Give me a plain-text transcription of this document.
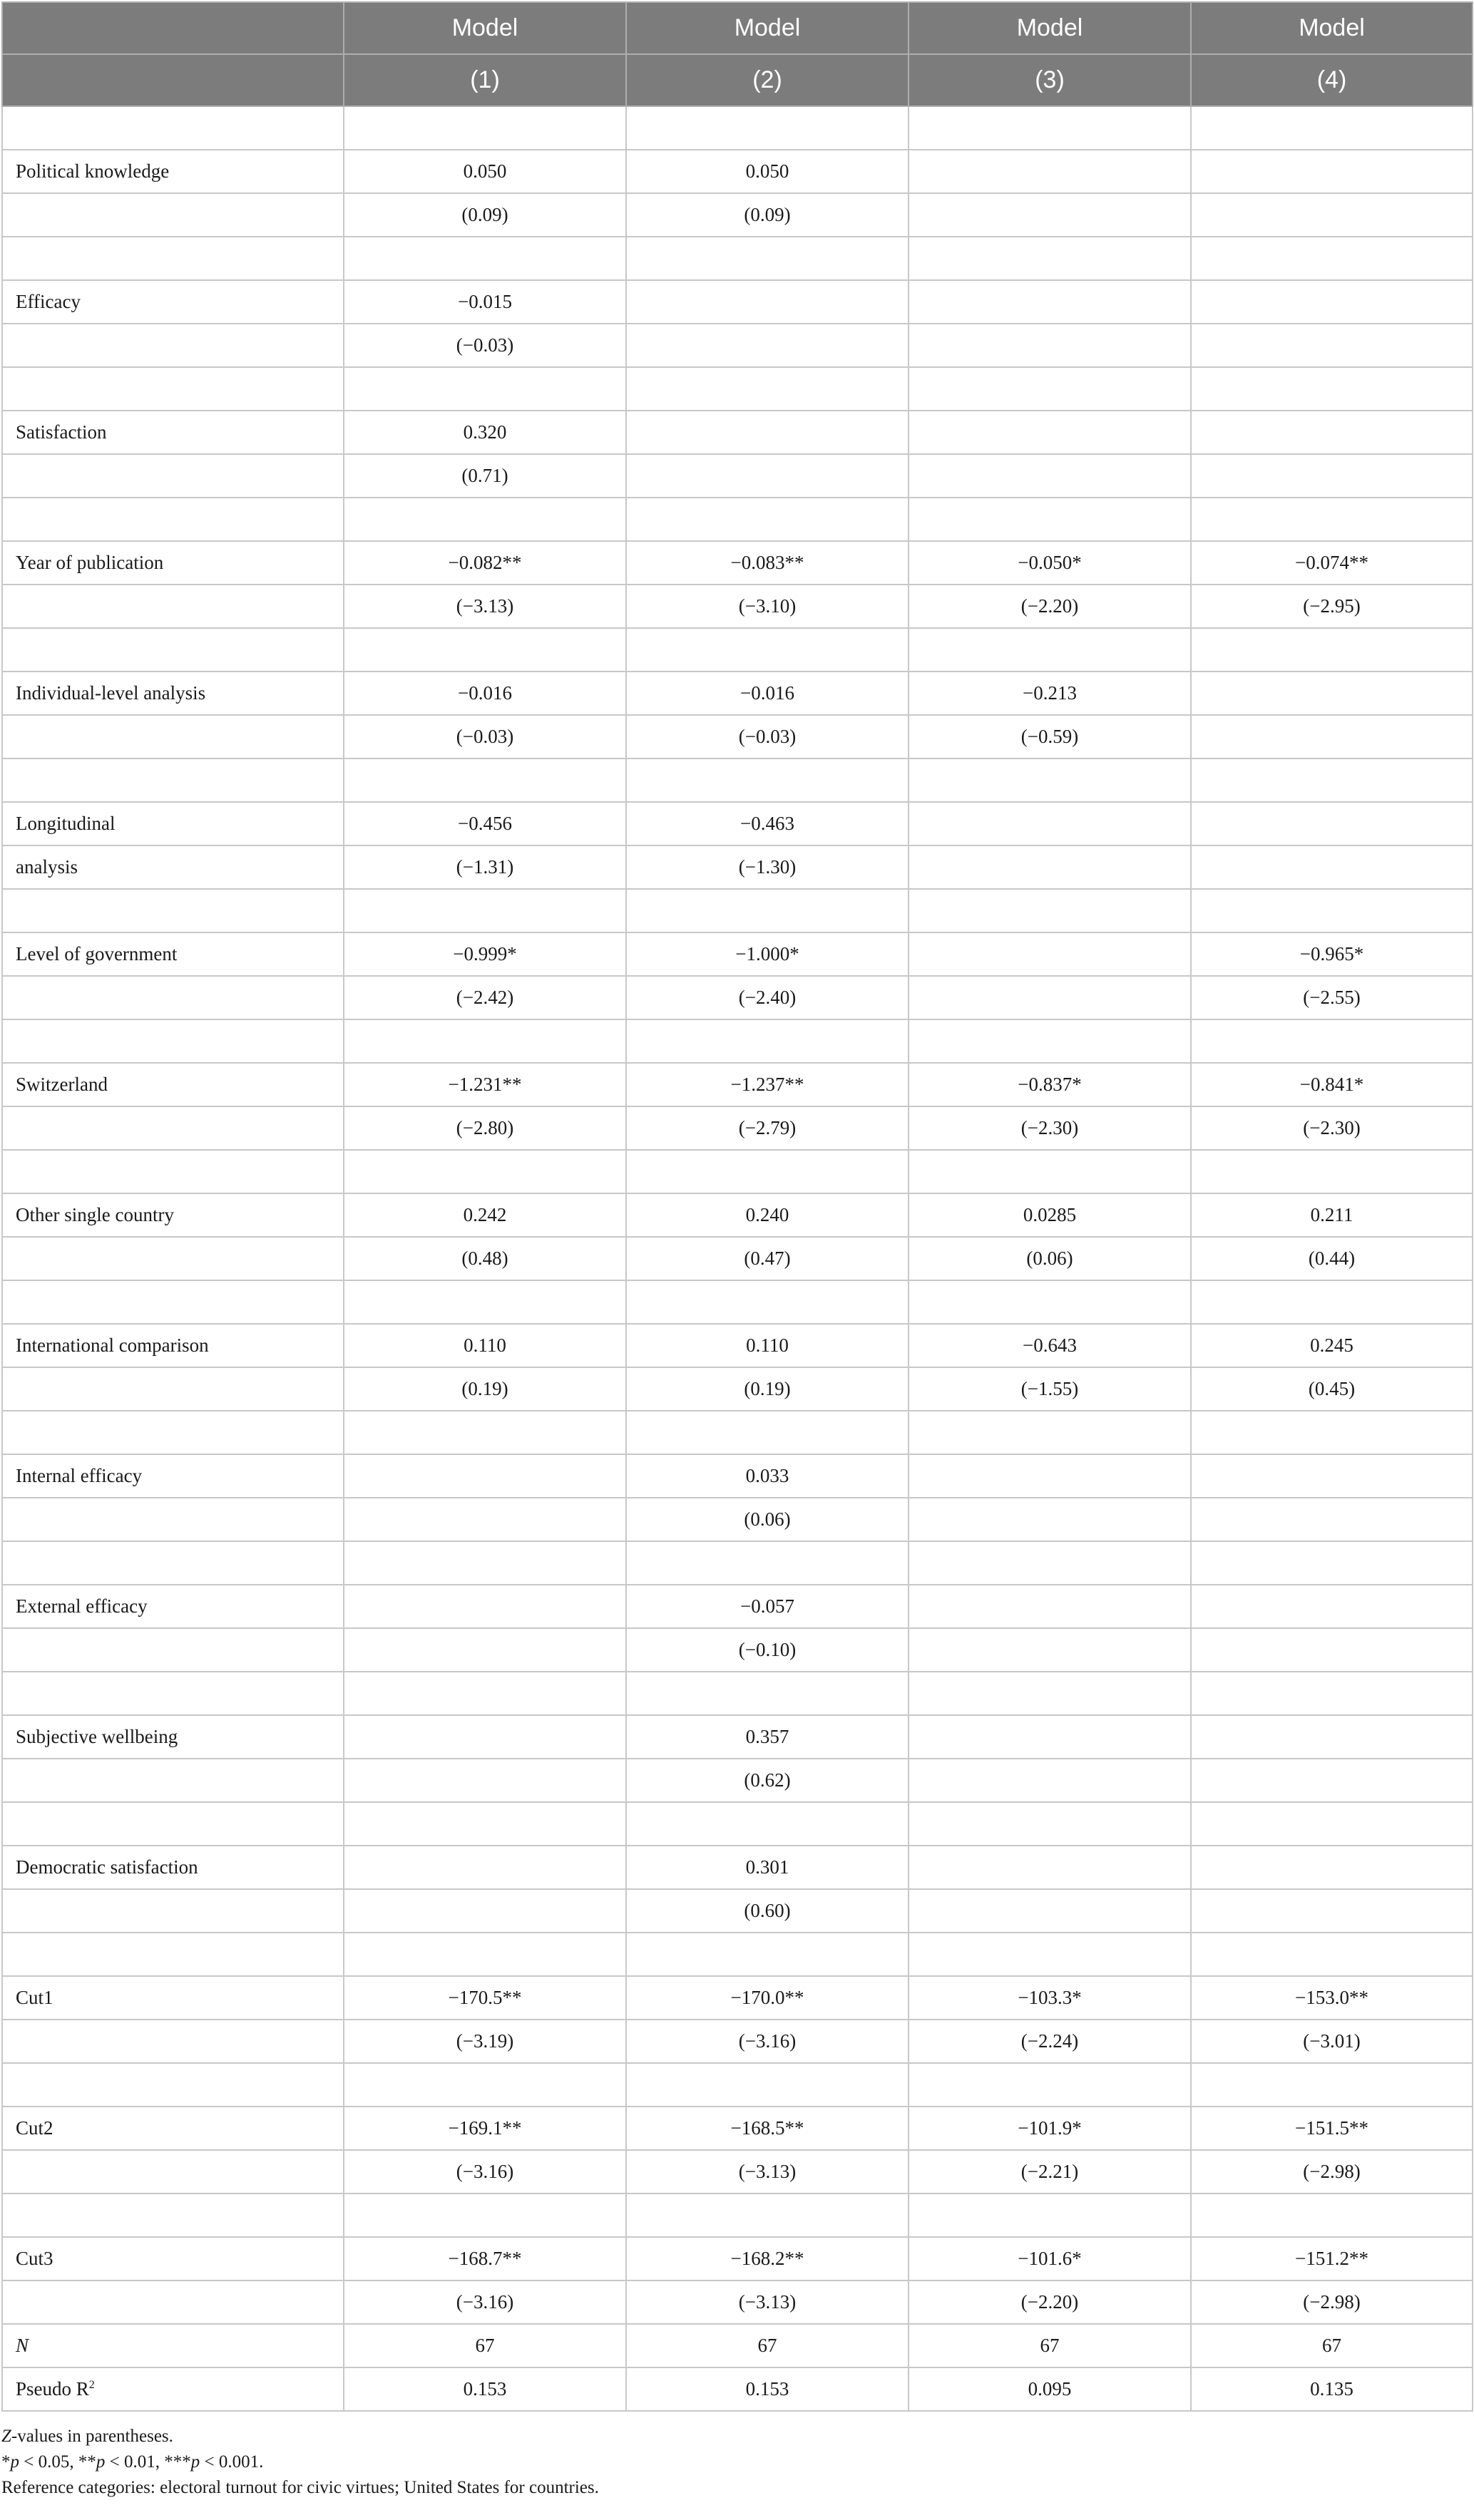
	Model	Model	Model	Model
	(1)	(2)	(3)	(4)

Political knowledge	0.050	0.050		
	(0.09)	(0.09)		

Efficacy	−0.015			
	(−0.03)			

Satisfaction	0.320			
	(0.71)			

Year of publication	−0.082**	−0.083**	−0.050*	−0.074**
	(−3.13)	(−3.10)	(−2.20)	(−2.95)

Individual-level analysis	−0.016	−0.016	−0.213	
	(−0.03)	(−0.03)	(−0.59)	

Longitudinal	−0.456	−0.463		
analysis	(−1.31)	(−1.30)		

Level of government	−0.999*	−1.000*		−0.965*
	(−2.42)	(−2.40)		(−2.55)

Switzerland	−1.231**	−1.237**	−0.837*	−0.841*
	(−2.80)	(−2.79)	(−2.30)	(−2.30)

Other single country	0.242	0.240	0.0285	0.211
	(0.48)	(0.47)	(0.06)	(0.44)

International comparison	0.110	0.110	−0.643	0.245
	(0.19)	(0.19)	(−1.55)	(0.45)

Internal efficacy		0.033		
		(0.06)		

External efficacy		−0.057		
		(−0.10)		

Subjective wellbeing		0.357		
		(0.62)		

Democratic satisfaction		0.301		
		(0.60)		

Cut1	−170.5**	−170.0**	−103.3*	−153.0**
	(−3.19)	(−3.16)	(−2.24)	(−3.01)

Cut2	−169.1**	−168.5**	−101.9*	−151.5**
	(−3.16)	(−3.13)	(−2.21)	(−2.98)

Cut3	−168.7**	−168.2**	−101.6*	−151.2**
	(−3.16)	(−3.13)	(−2.20)	(−2.98)
N	67	67	67	67
Pseudo $R^2$	0.153	0.153	0.095	0.135
Z-values in parentheses.
*p < 0.05, **p < 0.01, ***p < 0.001.
Reference categories: electoral turnout for civic virtues; United States for countries.
